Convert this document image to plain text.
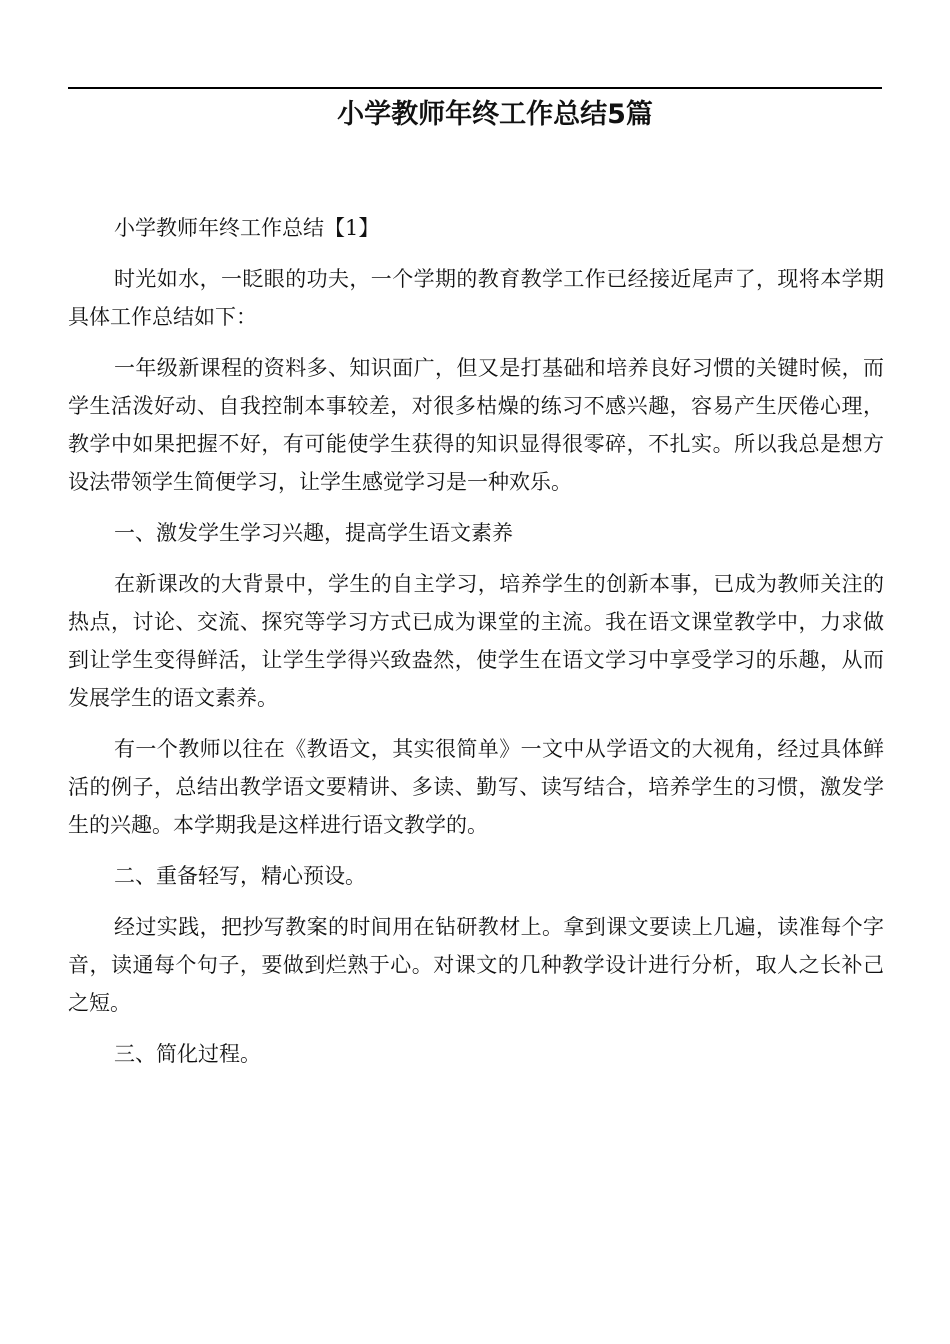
小学教师年终工作总结5篇

小学教师年终工作总结【1】

时光如水，一眨眼的功夫，一个学期的教育教学工作已经接近尾声了，现将本学期具体工作总结如下：

一年级新课程的资料多、知识面广，但又是打基础和培养良好习惯的关键时候，而学生活泼好动、自我控制本事较差，对很多枯燥的练习不感兴趣，容易产生厌倦心理，教学中如果把握不好，有可能使学生获得的知识显得很零碎，不扎实。所以我总是想方设法带领学生简便学习，让学生感觉学习是一种欢乐。

一、激发学生学习兴趣，提高学生语文素养

在新课改的大背景中，学生的自主学习，培养学生的创新本事，已成为教师关注的热点，讨论、交流、探究等学习方式已成为课堂的主流。我在语文课堂教学中，力求做到让学生变得鲜活，让学生学得兴致盎然，使学生在语文学习中享受学习的乐趣，从而发展学生的语文素养。

有一个教师以往在《教语文，其实很简单》一文中从学语文的大视角，经过具体鲜活的例子，总结出教学语文要精讲、多读、勤写、读写结合，培养学生的习惯，激发学生的兴趣。本学期我是这样进行语文教学的。

二、重备轻写，精心预设。

经过实践，把抄写教案的时间用在钻研教材上。拿到课文要读上几遍，读准每个字音，读通每个句子，要做到烂熟于心。对课文的几种教学设计进行分析，取人之长补己之短。

三、简化过程。
